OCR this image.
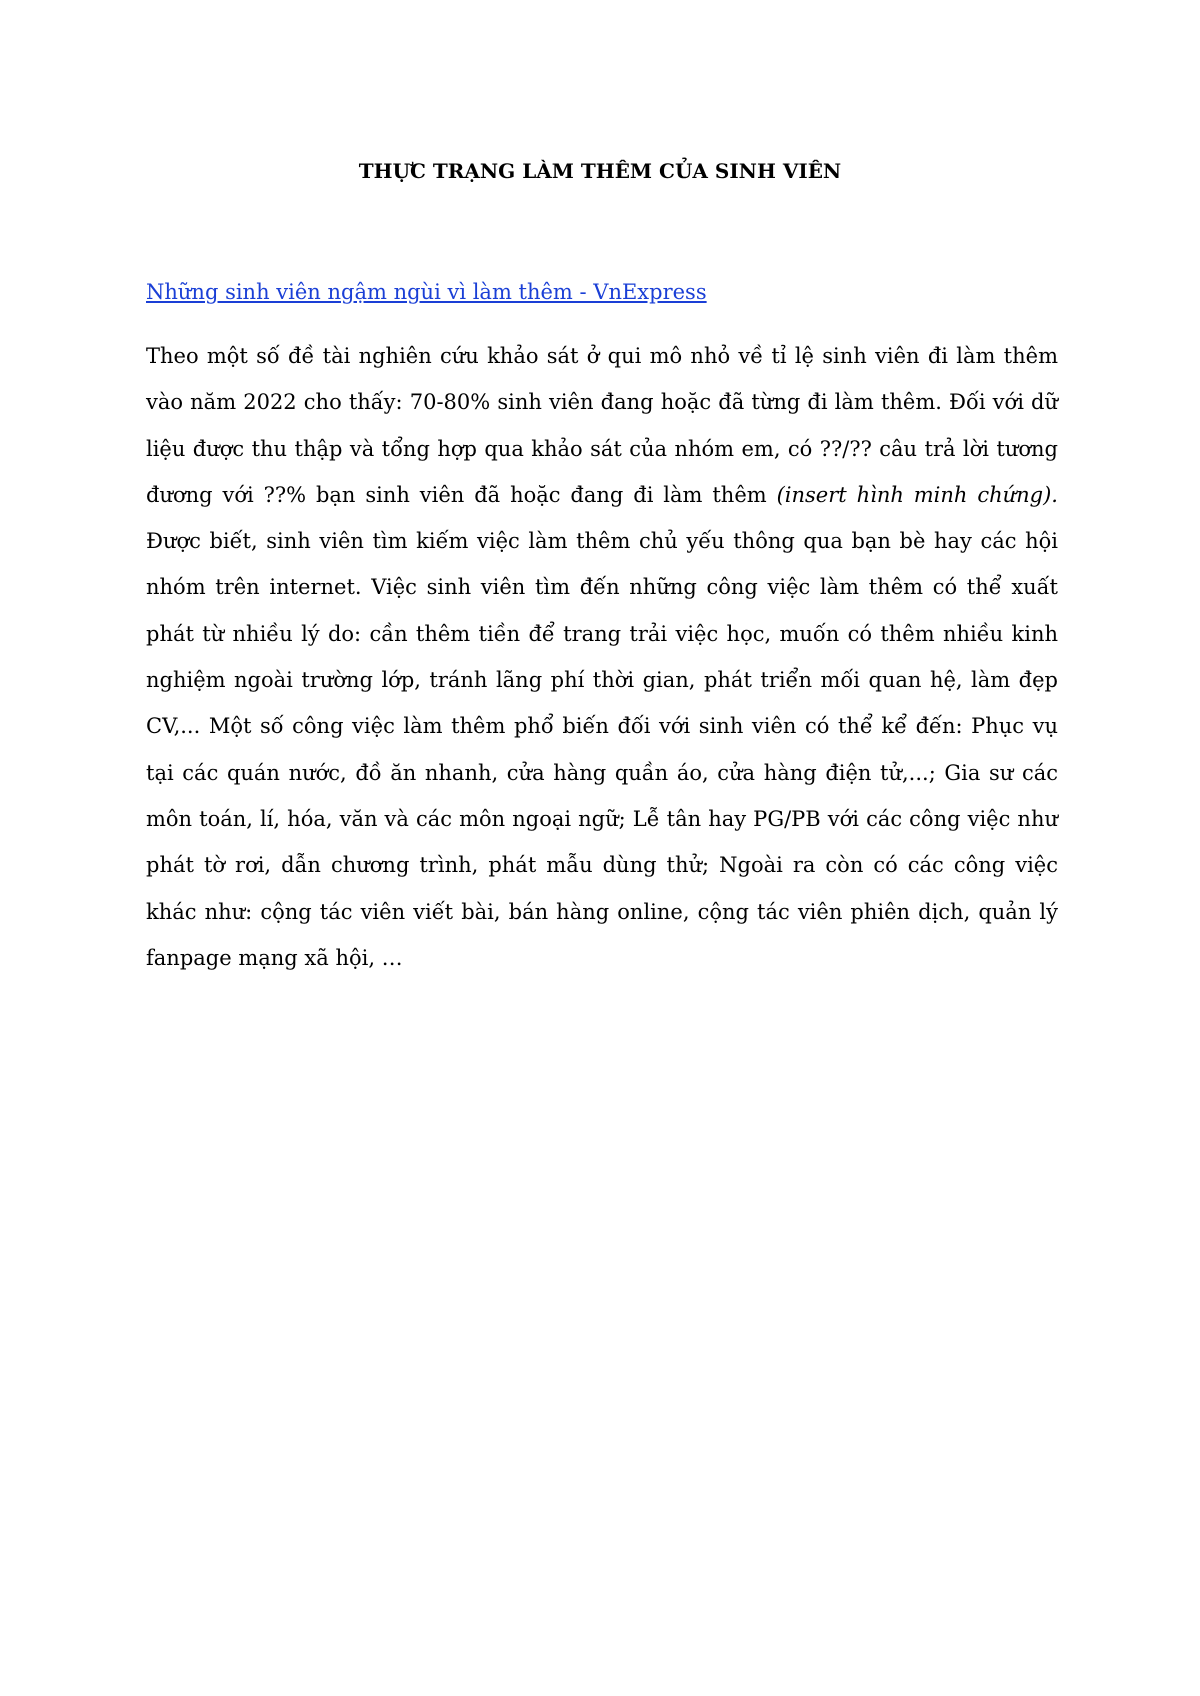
THỰC TRẠNG LÀM THÊM CỦA SINH VIÊN
Những sinh viên ngậm ngùi vì làm thêm - VnExpress

Theo một số đề tài nghiên cứu khảo sát ở qui mô nhỏ về tỉ lệ sinh viên đi làm thêm vào năm 2022 cho thấy: 70-80% sinh viên đang hoặc đã từng đi làm thêm. Đối với dữ liệu được thu thập và tổng hợp qua khảo sát của nhóm em, có ??/?? câu trả lời tương đương với ??% bạn sinh viên đã hoặc đang đi làm thêm (insert hình minh chứng). Được biết, sinh viên tìm kiếm việc làm thêm chủ yếu thông qua bạn bè hay các hội nhóm trên internet. Việc sinh viên tìm đến những công việc làm thêm có thể xuất phát từ nhiều lý do: cần thêm tiền để trang trải việc học, muốn có thêm nhiều kinh nghiệm ngoài trường lớp, tránh lãng phí thời gian, phát triển mối quan hệ, làm đẹp CV,... Một số công việc làm thêm phổ biến đối với sinh viên có thể kể đến: Phục vụ tại các quán nước, đồ ăn nhanh, cửa hàng quần áo, cửa hàng điện tử,...; Gia sư các môn toán, lí, hóa, văn và các môn ngoại ngữ; Lễ tân hay PG/PB với các công việc như phát tờ rơi, dẫn chương trình, phát mẫu dùng thử; Ngoài ra còn có các công việc khác như: cộng tác viên viết bài, bán hàng online, cộng tác viên phiên dịch, quản lý fanpage mạng xã hội, …
